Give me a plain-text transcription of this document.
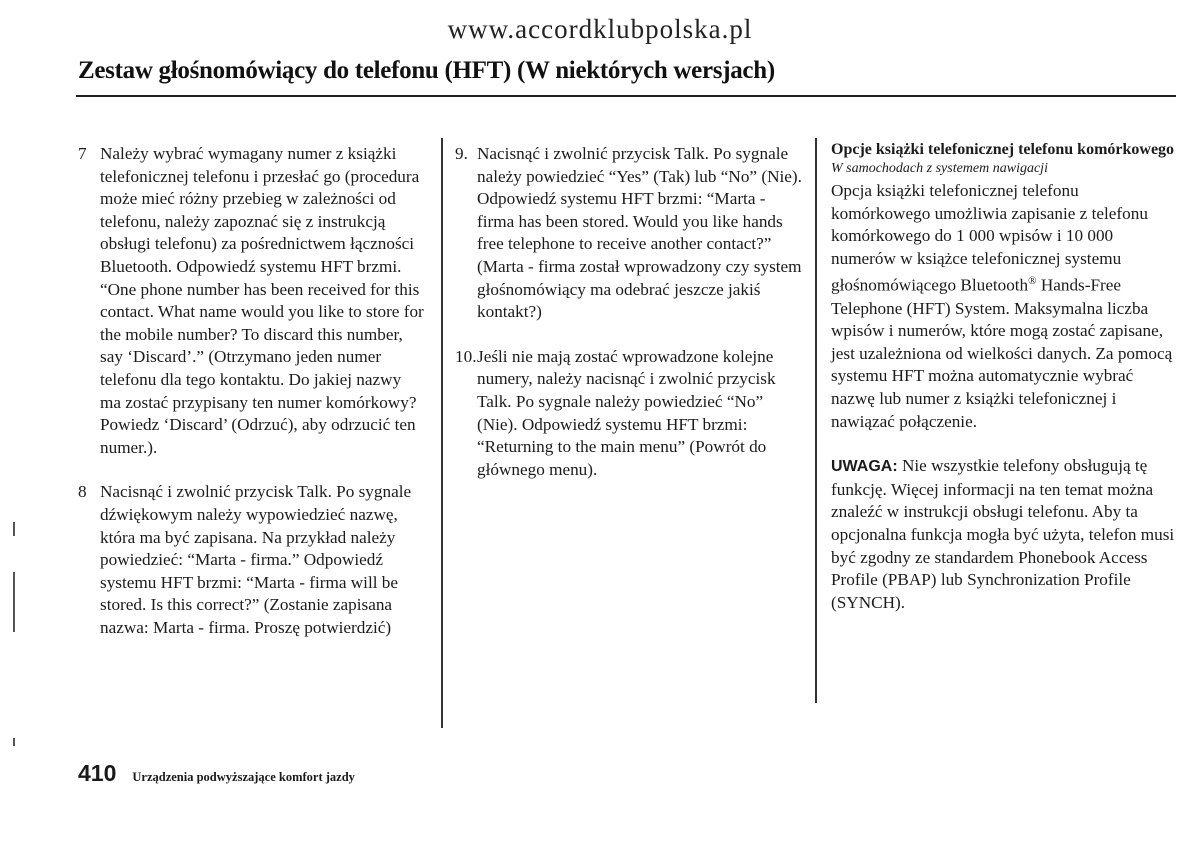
www.accordklubpolska.pl
Zestaw głośnomówiący do telefonu (HFT) (W niektórych wersjach)
7 Należy wybrać wymagany numer z książki telefonicznej telefonu i przesłać go (procedura może mieć różny przebieg w zależności od telefonu, należy zapoznać się z instrukcją obsługi telefonu) za pośrednictwem łączności Bluetooth. Odpowiedź systemu HFT brzmi. “One phone number has been received for this contact. What name would you like to store for the mobile number? To discard this number, say ‘Discard’.” (Otrzymano jeden numer telefonu dla tego kontaktu. Do jakiej nazwy ma zostać przypisany ten numer komórkowy? Powiedz ‘Discard’ (Odrzuć), aby odrzucić ten numer.).

8 Nacisnąć i zwolnić przycisk Talk. Po sygnale dźwiękowym należy wypowiedzieć nazwę, która ma być zapisana. Na przykład należy powiedzieć: “Marta - firma.” Odpowiedź systemu HFT brzmi: “Marta - firma will be stored. Is this correct?” (Zostanie zapisana nazwa: Marta - firma. Proszę potwierdzić)

9. Nacisnąć i zwolnić przycisk Talk. Po sygnale należy powiedzieć “Yes” (Tak) lub “No” (Nie). Odpowiedź systemu HFT brzmi: “Marta - firma has been stored. Would you like hands free telephone to receive another contact?” (Marta - firma został wprowadzony czy system głośnomówiący ma odebrać jeszcze jakiś kontakt?)

10. Jeśli nie mają zostać wprowadzone kolejne numery, należy nacisnąć i zwolnić przycisk Talk. Po sygnale należy powiedzieć “No” (Nie). Odpowiedź systemu HFT brzmi: “Returning to the main menu” (Powrót do głównego menu).

Opcje książki telefonicznej telefonu komórkowego

W samochodach z systemem nawigacji

Opcja książki telefonicznej telefonu komórkowego umożliwia zapisanie z telefonu komórkowego do 1 000 wpisów i 10 000 numerów w książce telefonicznej systemu głośnomówiącego Bluetooth® Hands-Free Telephone (HFT) System. Maksymalna liczba wpisów i numerów, które mogą zostać zapisane, jest uzależniona od wielkości danych. Za pomocą systemu HFT można automatycznie wybrać nazwę lub numer z książki telefonicznej i nawiązać połączenie.

UWAGA: Nie wszystkie telefony obsługują tę funkcję. Więcej informacji na ten temat można znaleźć w instrukcji obsługi telefonu. Aby ta opcjonalna funkcja mogła być użyta, telefon musi być zgodny ze standardem Phonebook Access Profile (PBAP) lub Synchronization Profile (SYNCH).

410 Urządzenia podwyższające komfort jazdy
